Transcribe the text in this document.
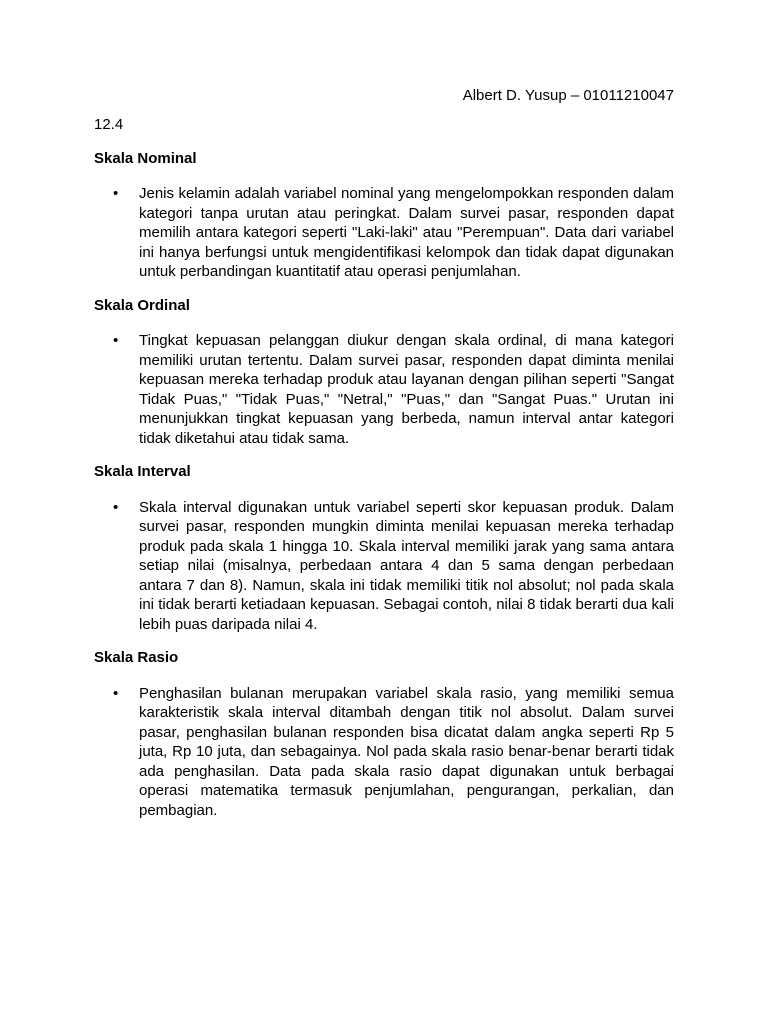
Albert D. Yusup – 01011210047

12.4

Skala Nominal

• Jenis kelamin adalah variabel nominal yang mengelompokkan responden dalam kategori tanpa urutan atau peringkat. Dalam survei pasar, responden dapat memilih antara kategori seperti "Laki-laki" atau "Perempuan". Data dari variabel ini hanya berfungsi untuk mengidentifikasi kelompok dan tidak dapat digunakan untuk perbandingan kuantitatif atau operasi penjumlahan.

Skala Ordinal

• Tingkat kepuasan pelanggan diukur dengan skala ordinal, di mana kategori memiliki urutan tertentu. Dalam survei pasar, responden dapat diminta menilai kepuasan mereka terhadap produk atau layanan dengan pilihan seperti "Sangat Tidak Puas," "Tidak Puas," "Netral," "Puas," dan "Sangat Puas." Urutan ini menunjukkan tingkat kepuasan yang berbeda, namun interval antar kategori tidak diketahui atau tidak sama.

Skala Interval

• Skala interval digunakan untuk variabel seperti skor kepuasan produk. Dalam survei pasar, responden mungkin diminta menilai kepuasan mereka terhadap produk pada skala 1 hingga 10. Skala interval memiliki jarak yang sama antara setiap nilai (misalnya, perbedaan antara 4 dan 5 sama dengan perbedaan antara 7 dan 8). Namun, skala ini tidak memiliki titik nol absolut; nol pada skala ini tidak berarti ketiadaan kepuasan. Sebagai contoh, nilai 8 tidak berarti dua kali lebih puas daripada nilai 4.

Skala Rasio

• Penghasilan bulanan merupakan variabel skala rasio, yang memiliki semua karakteristik skala interval ditambah dengan titik nol absolut. Dalam survei pasar, penghasilan bulanan responden bisa dicatat dalam angka seperti Rp 5 juta, Rp 10 juta, dan sebagainya. Nol pada skala rasio benar-benar berarti tidak ada penghasilan. Data pada skala rasio dapat digunakan untuk berbagai operasi matematika termasuk penjumlahan, pengurangan, perkalian, dan pembagian.
